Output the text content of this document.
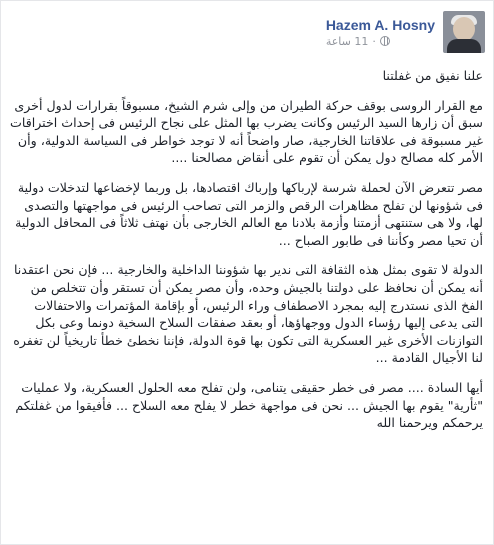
Hazem A. Hosny
11 ساعة ·

علنا نفيق من غفلتنا

مع القرار الروسى بوقف حركة الطيران من وإلى شرم الشيخ، مسبوقاً بقرارات لدول أخرى سبق أن زارها السيد الرئيس وكانت يضرب بها المثل على نجاح الرئيس فى إحداث اختراقات غير مسبوقة فى علاقاتنا الخارجية، صار واضحاً أنه لا توجد خواطر فى السياسة الدولية، وأن الأمر كله مصالح دول يمكن أن تقوم على أنقاض مصالحنا ....

مصر تتعرض الآن لحملة شرسة لإرباكها وإرباك اقتصادها، بل وربما لإخضاعها لتدخلات دولية فى شؤونها لن تفلح مظاهرات الرقص والزمر التى تصاحب الرئيس فى مواجهتها والتصدى لها، ولا هى ستنتهى أزمتنا وأزمة بلادنا مع العالم الخارجى بأن نهتف ثلاثاً فى المحافل الدولية أن تحيا مصر وكأننا فى طابور الصباح ...

الدولة لا تقوى بمثل هذه الثقافة التى ندير بها شؤوننا الداخلية والخارجية ... فإن نحن اعتقدنا أنه يمكن أن نحافظ على دولتنا بالجيش وحده، وأن مصر يمكن أن تستقر وأن تتخلص من الفخ الذى نستدرج إليه بمجرد الاصطفاف وراء الرئيس، أو بإقامة المؤتمرات والاحتفالات التى يدعى إليها رؤساء الدول ووجهاؤها، أو بعقد صفقات السلاح السخية دونما وعى بكل التوازنات الأخرى غير العسكرية التى تكون بها قوة الدولة، فإننا نخطئ خطأ تاريخياً لن تغفره لنا الأجيال القادمة ...

أيها السادة .... مصر فى خطر حقيقى يتنامى، ولن تفلح معه الحلول العسكرية، ولا عمليات "ثأرية" يقوم بها الجيش ... نحن فى مواجهة خطر لا يفلح معه السلاح ... فأفيقوا من غفلتكم يرحمكم ويرحمنا الله
